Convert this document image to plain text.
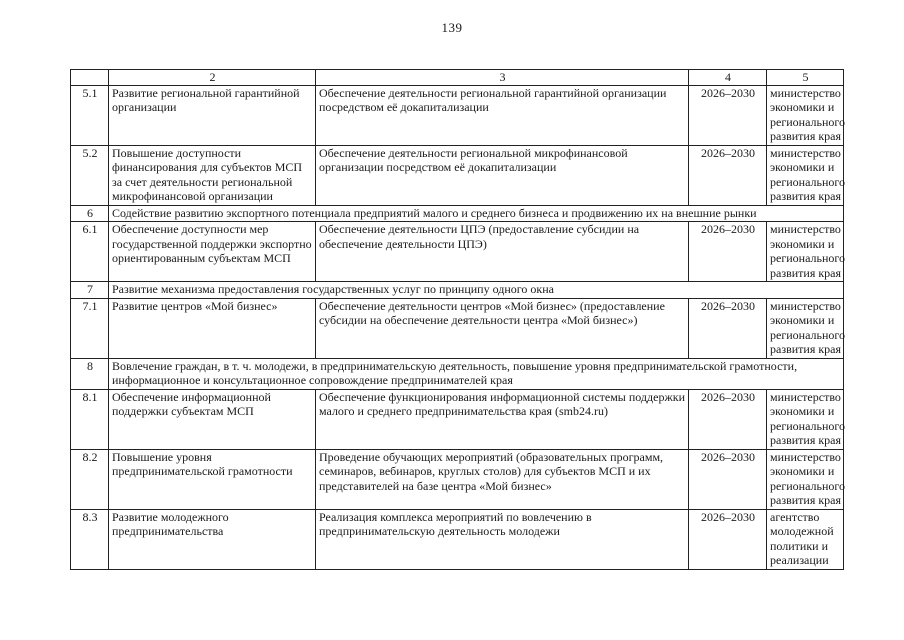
139
	2	3	4	5
5.1	Развитие региональной гарантийной организации	Обеспечение деятельности региональной гарантийной организации посредством её докапитализации	2026–2030	министерство экономики и регионального развития края
5.2	Повышение доступности финансирования для субъектов МСП за счет деятельности региональной микрофинансовой организации	Обеспечение деятельности региональной микрофинансовой организации посредством её докапитализации	2026–2030	министерство экономики и регионального развития края
6	Содействие развитию экспортного потенциала предприятий малого и среднего бизнеса и продвижению их на внешние рынки			
6.1	Обеспечение доступности мер государственной поддержки экспортно ориентированным субъектам МСП	Обеспечение деятельности ЦПЭ (предоставление субсидии на обеспечение деятельности ЦПЭ)	2026–2030	министерство экономики и регионального развития края
7	Развитие механизма предоставления государственных услуг по принципу одного окна			
7.1	Развитие центров «Мой бизнес»	Обеспечение деятельности центров «Мой бизнес» (предоставление субсидии на обеспечение деятельности центра «Мой бизнес»)	2026–2030	министерство экономики и регионального развития края
8	Вовлечение граждан, в т. ч. молодежи, в предпринимательскую деятельность, повышение уровня предпринимательской грамотности, информационное и консультационное сопровождение предпринимателей края			
8.1	Обеспечение информационной поддержки субъектам МСП	Обеспечение функционирования информационной системы поддержки малого и среднего предпринимательства края (smb24.ru)	2026–2030	министерство экономики и регионального развития края
8.2	Повышение уровня предпринимательской грамотности	Проведение обучающих мероприятий (образовательных программ, семинаров, вебинаров, круглых столов) для субъектов МСП и их представителей на базе центра «Мой бизнес»	2026–2030	министерство экономики и регионального развития края
8.3	Развитие молодежного предпринимательства	Реализация комплекса мероприятий по вовлечению в предпринимательскую деятельность молодежи	2026–2030	агентство молодежной политики и реализации
